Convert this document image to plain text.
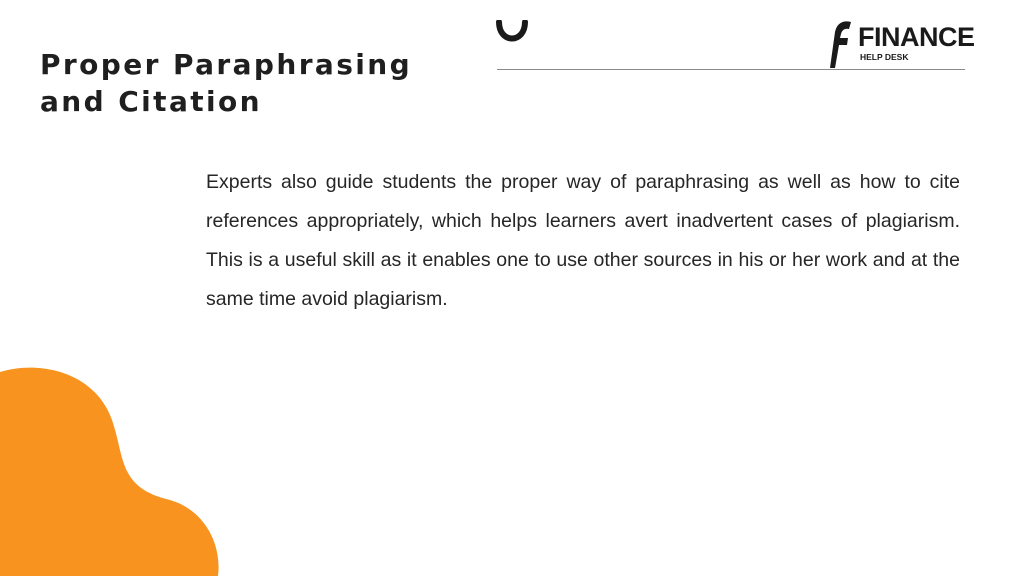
Proper Paraphrasing and Citation
FINANCE
HELP DESK

Experts also guide students the proper way of paraphrasing as well as how to cite references appropriately, which helps learners avert inadvertent cases of plagiarism. This is a useful skill as it enables one to use other sources in his or her work and at the same time avoid plagiarism.
